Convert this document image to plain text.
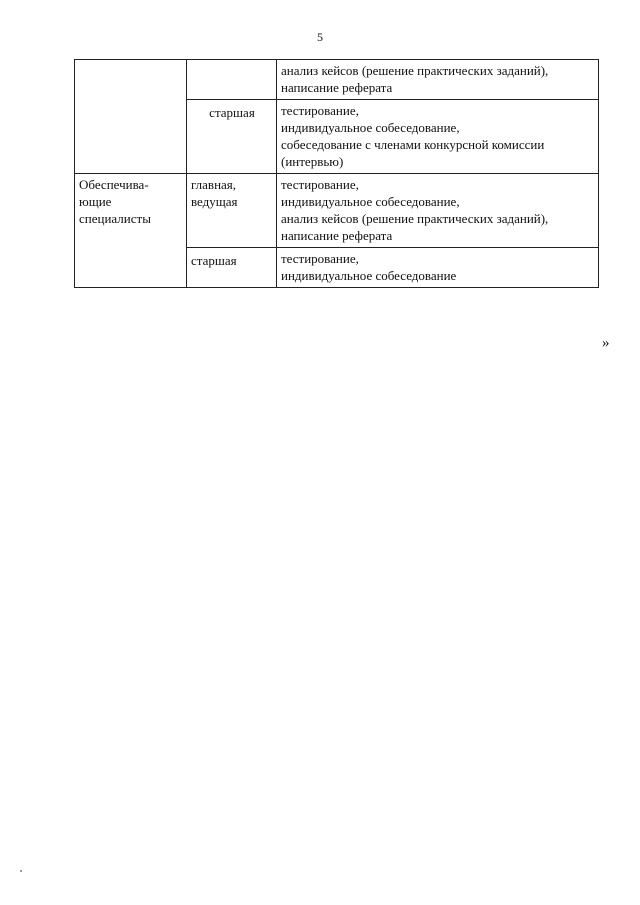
5

		анализ кейсов (решение практических заданий),
написание реферата

	старшая	тестирование,
индивидуальное собеседование,
собеседование с членами конкурсной комиссии
(интервью)

Обеспечива-
ющие
специалисты	главная,
ведущая	тестирование,
индивидуальное собеседование,
анализ кейсов (решение практических заданий),
написание реферата

	старшая	тестирование,
индивидуальное собеседование
»
